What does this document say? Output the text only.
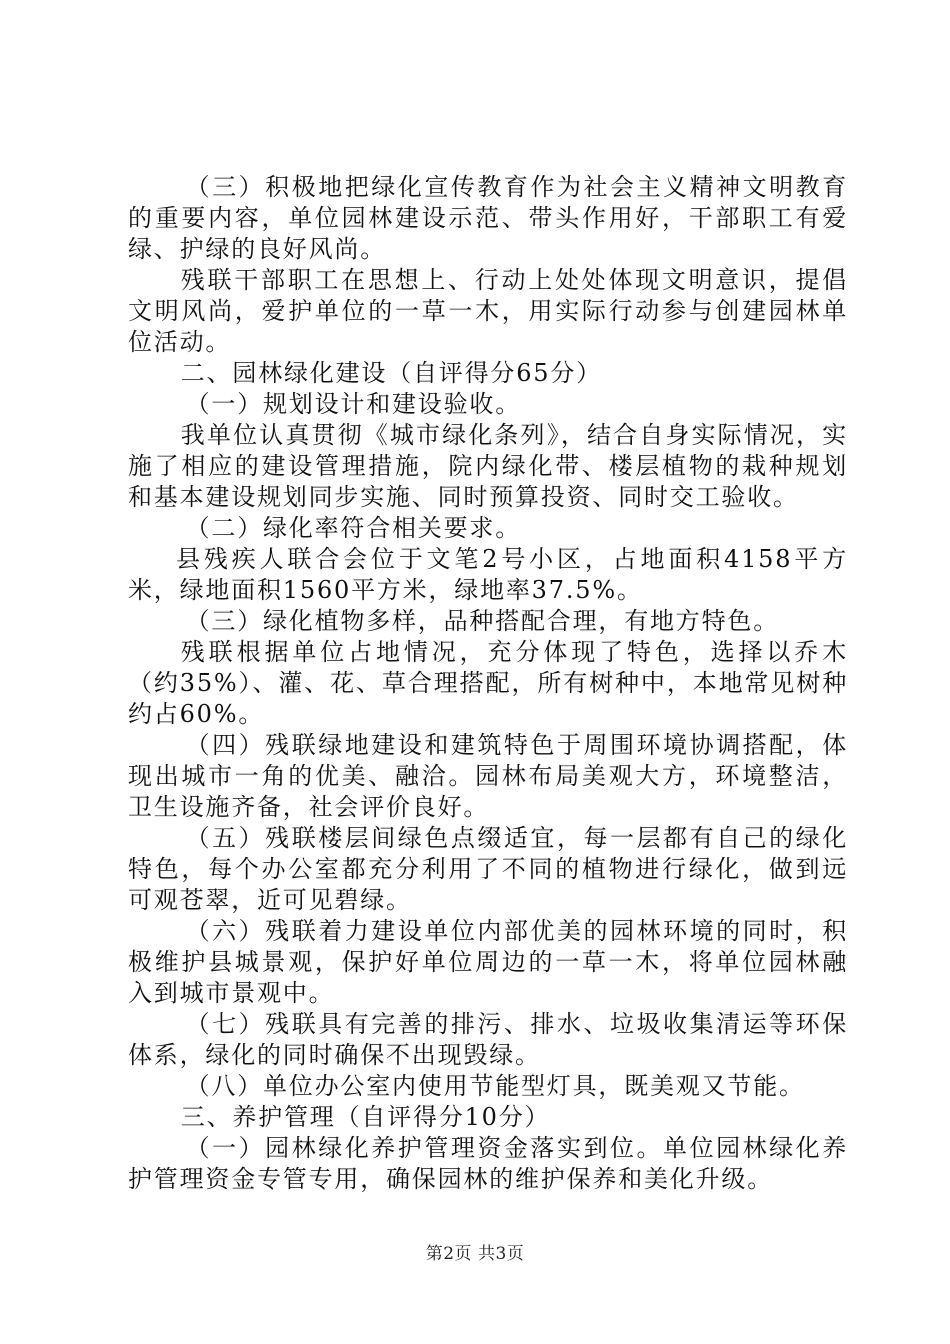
（三）积极地把绿化宣传教育作为社会主义精神文明教育的重要内容，单位园林建设示范、带头作用好，干部职工有爱绿、护绿的良好风尚。

残联干部职工在思想上、行动上处处体现文明意识，提倡文明风尚，爱护单位的一草一木，用实际行动参与创建园林单位活动。

二、园林绿化建设（自评得分65分）

（一）规划设计和建设验收。

我单位认真贯彻《城市绿化条列》，结合自身实际情况，实施了相应的建设管理措施，院内绿化带、楼层植物的栽种规划和基本建设规划同步实施、同时预算投资、同时交工验收。

（二）绿化率符合相关要求。

县残疾人联合会位于文笔2号小区，占地面积4158平方米，绿地面积1560平方米，绿地率37.5%。

（三）绿化植物多样，品种搭配合理，有地方特色。

残联根据单位占地情况，充分体现了特色，选择以乔木（约35%）、灌、花、草合理搭配，所有树种中，本地常见树种约占60%。

（四）残联绿地建设和建筑特色于周围环境协调搭配，体现出城市一角的优美、融洽。园林布局美观大方，环境整洁，卫生设施齐备，社会评价良好。

（五）残联楼层间绿色点缀适宜，每一层都有自己的绿化特色，每个办公室都充分利用了不同的植物进行绿化，做到远可观苍翠，近可见碧绿。

（六）残联着力建设单位内部优美的园林环境的同时，积极维护县城景观，保护好单位周边的一草一木，将单位园林融入到城市景观中。

（七）残联具有完善的排污、排水、垃圾收集清运等环保体系，绿化的同时确保不出现毁绿。

（八）单位办公室内使用节能型灯具，既美观又节能。

三、养护管理（自评得分10分）

（一）园林绿化养护管理资金落实到位。单位园林绿化养护管理资金专管专用，确保园林的维护保养和美化升级。

第2页 共3页
